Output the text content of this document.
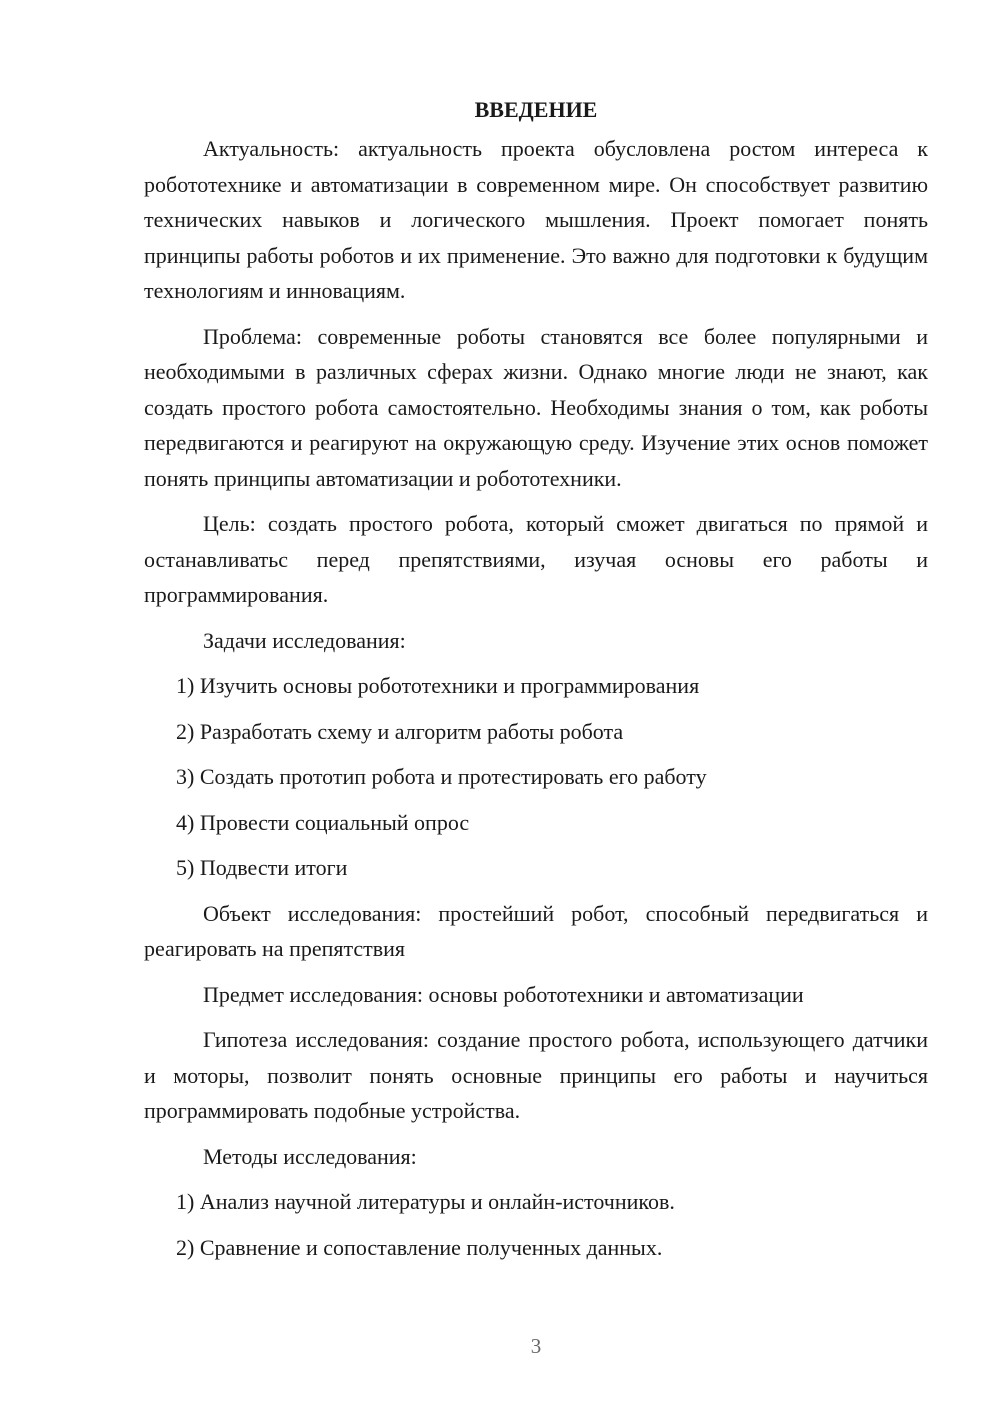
ВВЕДЕНИЕ

Актуальность: актуальность проекта обусловлена ростом интереса к робототехнике и автоматизации в современном мире. Он способствует развитию технических навыков и логического мышления. Проект помогает понять принципы работы роботов и их применение. Это важно для подготовки к будущим технологиям и инновациям.

Проблема: современные роботы становятся все более популярными и необходимыми в различных сферах жизни. Однако многие люди не знают, как создать простого робота самостоятельно. Необходимы знания о том, как роботы передвигаются и реагируют на окружающую среду. Изучение этих основ поможет понять принципы автоматизации и робототехники.

Цель: создать простого робота, который сможет двигаться по прямой и останавливатьс перед препятствиями, изучая основы его работы и программирования.

Задачи исследования:

1) Изучить основы робототехники и программирования
2) Разработать схему и алгоритм работы робота
3) Создать прототип робота и протестировать его работу
4) Провести социальный опрос
5) Подвести итоги

Объект исследования: простейший робот, способный передвигаться и реагировать на препятствия

Предмет исследования: основы робототехники и автоматизации

Гипотеза исследования: создание простого робота, использующего датчики и моторы, позволит понять основные принципы его работы и научиться программировать подобные устройства.

Методы исследования:

1) Анализ научной литературы и онлайн-источников.
2) Сравнение и сопоставление полученных данных.
3
